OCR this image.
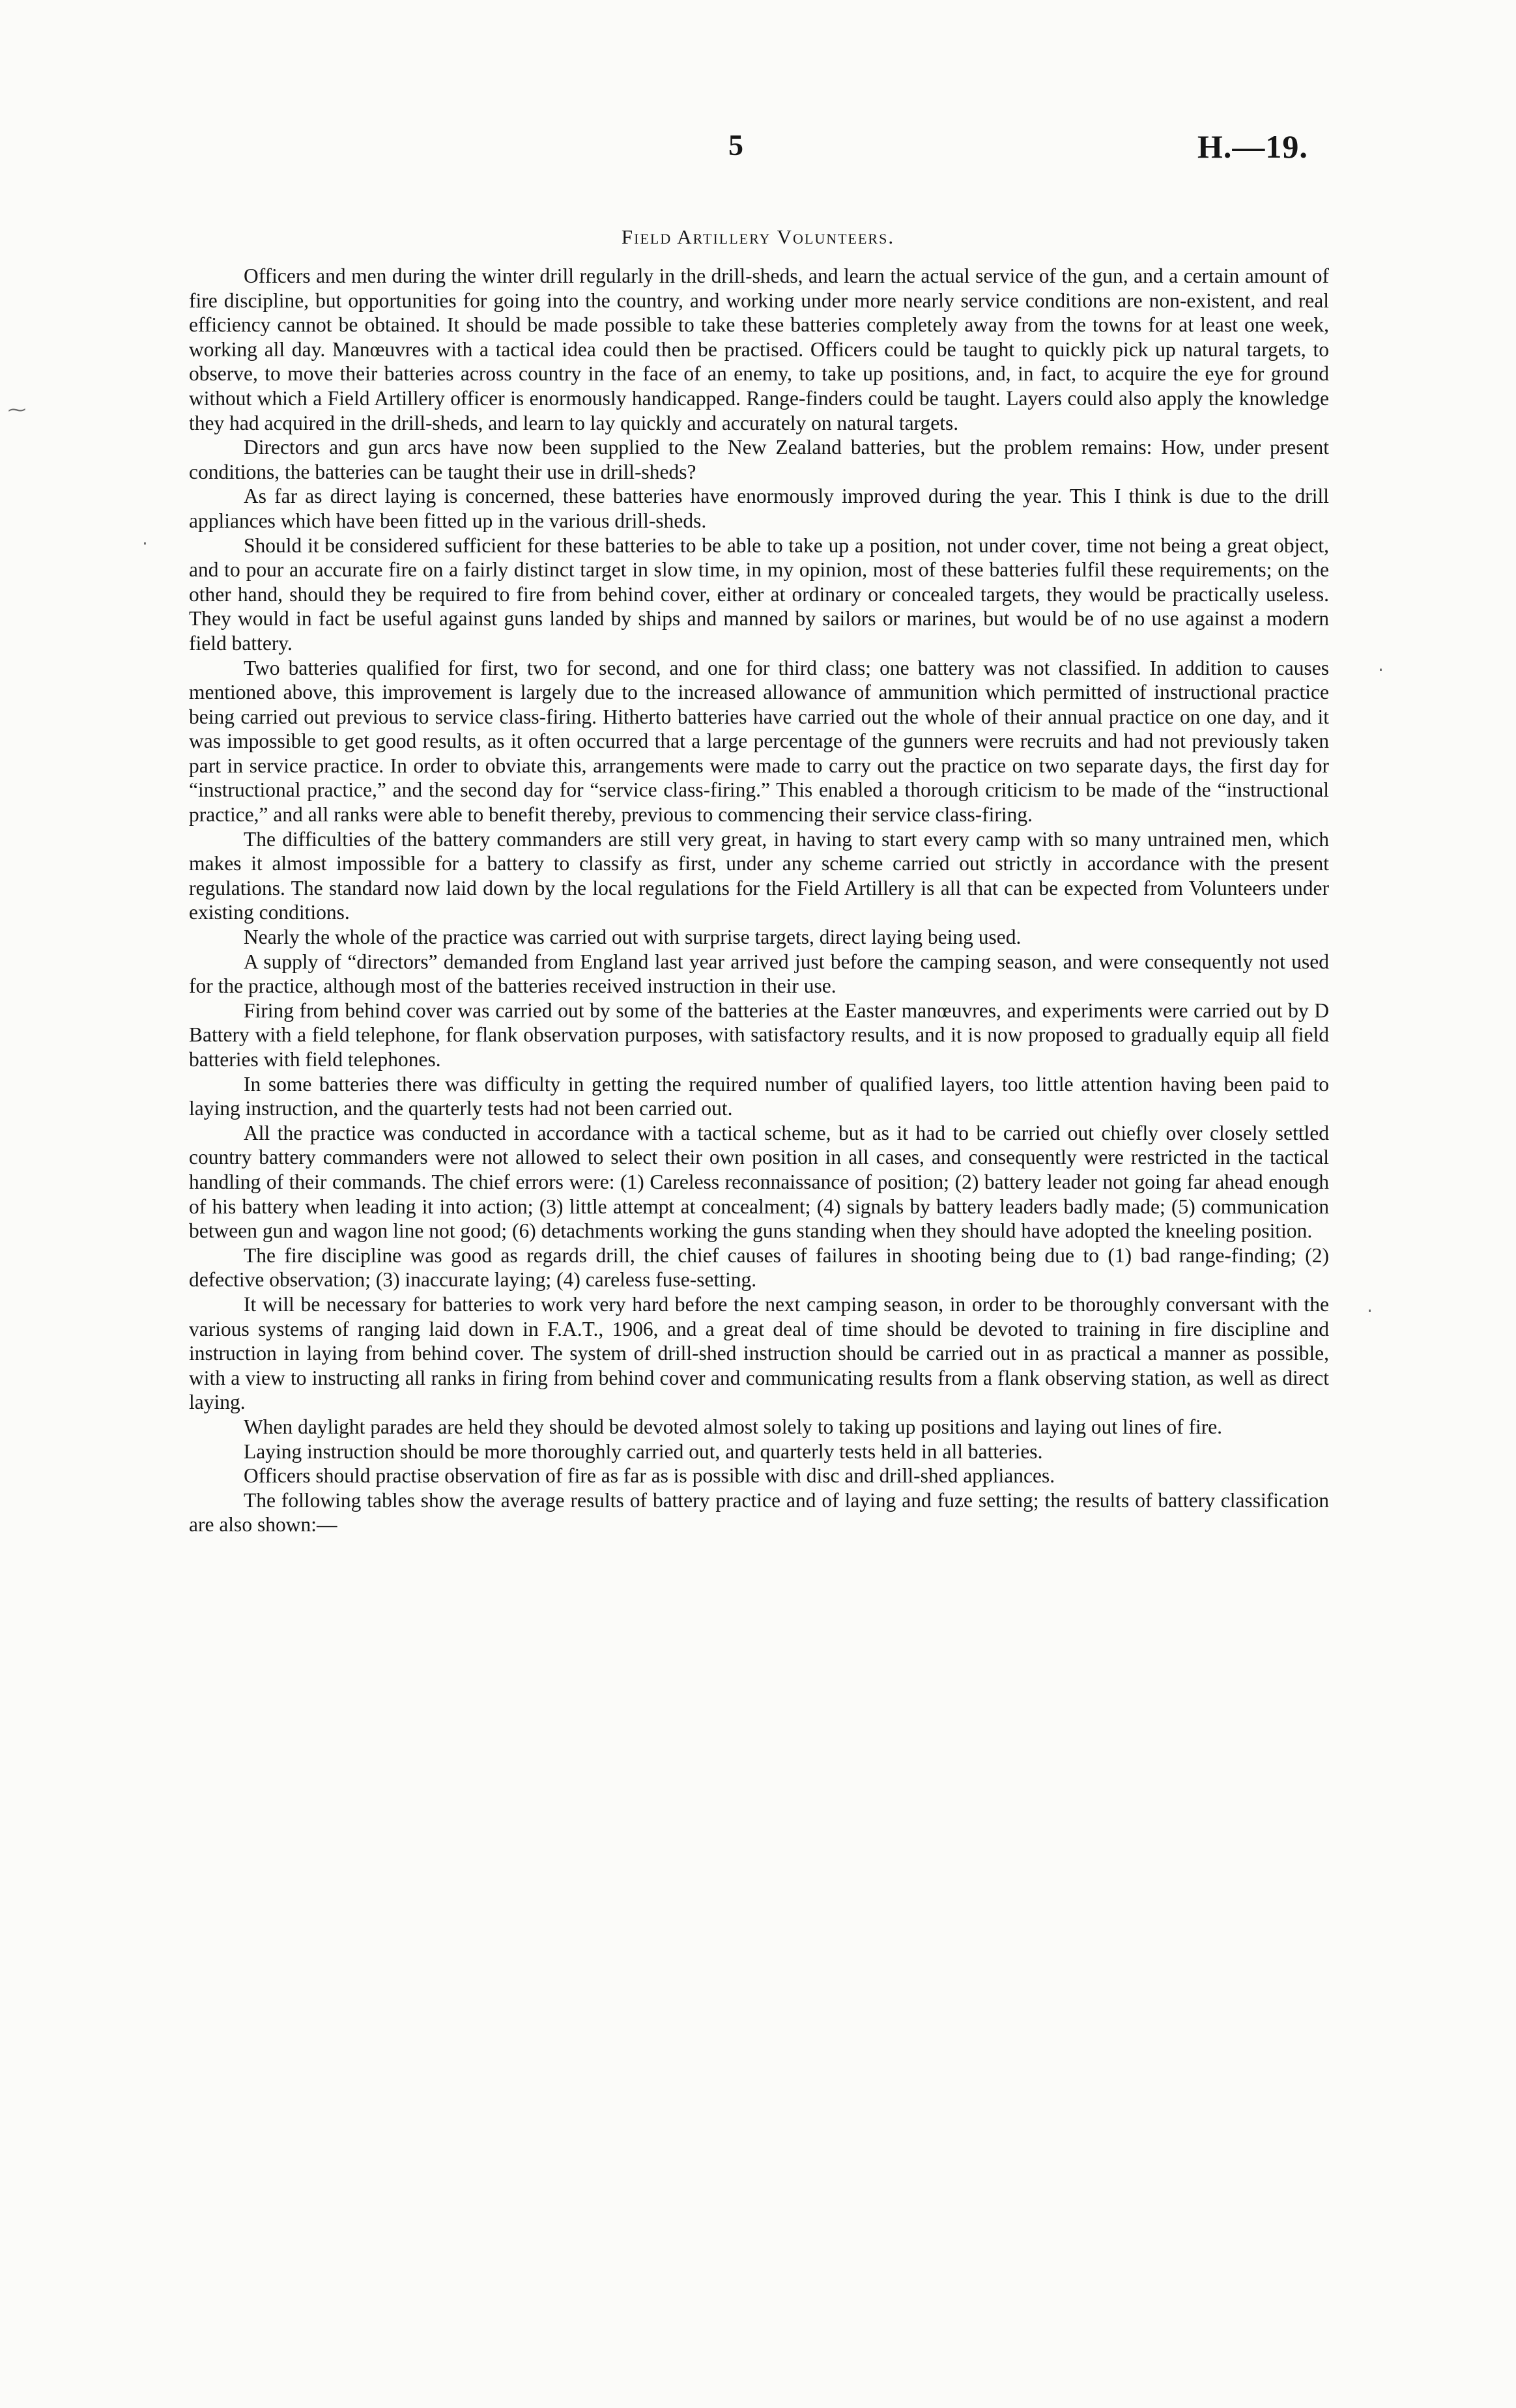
5	H.—19.
Field Artillery Volunteers.

Officers and men during the winter drill regularly in the drill-sheds, and learn the actual service of the gun, and a certain amount of fire discipline, but opportunities for going into the country, and working under more nearly service conditions are non-existent, and real efficiency cannot be obtained. It should be made possible to take these batteries completely away from the towns for at least one week, working all day. Manœuvres with a tactical idea could then be practised. Officers could be taught to quickly pick up natural targets, to observe, to move their batteries across country in the face of an enemy, to take up positions, and, in fact, to acquire the eye for ground without which a Field Artillery officer is enormously handicapped. Range-finders could be taught. Layers could also apply the knowledge they had acquired in the drill-sheds, and learn to lay quickly and accurately on natural targets.

Directors and gun arcs have now been supplied to the New Zealand batteries, but the problem remains: How, under present conditions, the batteries can be taught their use in drill-sheds?

As far as direct laying is concerned, these batteries have enormously improved during the year. This I think is due to the drill appliances which have been fitted up in the various drill-sheds.

Should it be considered sufficient for these batteries to be able to take up a position, not under cover, time not being a great object, and to pour an accurate fire on a fairly distinct target in slow time, in my opinion, most of these batteries fulfil these requirements; on the other hand, should they be required to fire from behind cover, either at ordinary or concealed targets, they would be practically useless. They would in fact be useful against guns landed by ships and manned by sailors or marines, but would be of no use against a modern field battery.

Two batteries qualified for first, two for second, and one for third class; one battery was not classified. In addition to causes mentioned above, this improvement is largely due to the increased allowance of ammunition which permitted of instructional practice being carried out previous to service class-firing. Hitherto batteries have carried out the whole of their annual practice on one day, and it was impossible to get good results, as it often occurred that a large percentage of the gunners were recruits and had not previously taken part in service practice. In order to obviate this, arrangements were made to carry out the practice on two separate days, the first day for “instructional practice,” and the second day for “service class-firing.” This enabled a thorough criticism to be made of the “instructional practice,” and all ranks were able to benefit thereby, previous to commencing their service class-firing.

The difficulties of the battery commanders are still very great, in having to start every camp with so many untrained men, which makes it almost impossible for a battery to classify as first, under any scheme carried out strictly in accordance with the present regulations. The standard now laid down by the local regulations for the Field Artillery is all that can be expected from Volunteers under existing conditions.

Nearly the whole of the practice was carried out with surprise targets, direct laying being used.

A supply of “directors” demanded from England last year arrived just before the camping season, and were consequently not used for the practice, although most of the batteries received instruction in their use.

Firing from behind cover was carried out by some of the batteries at the Easter manœuvres, and experiments were carried out by D Battery with a field telephone, for flank observation purposes, with satisfactory results, and it is now proposed to gradually equip all field batteries with field telephones.

In some batteries there was difficulty in getting the required number of qualified layers, too little attention having been paid to laying instruction, and the quarterly tests had not been carried out.

All the practice was conducted in accordance with a tactical scheme, but as it had to be carried out chiefly over closely settled country battery commanders were not allowed to select their own position in all cases, and consequently were restricted in the tactical handling of their commands. The chief errors were: (1) Careless reconnaissance of position; (2) battery leader not going far ahead enough of his battery when leading it into action; (3) little attempt at concealment; (4) signals by battery leaders badly made; (5) communication between gun and wagon line not good; (6) detachments working the guns standing when they should have adopted the kneeling position.

The fire discipline was good as regards drill, the chief causes of failures in shooting being due to (1) bad range-finding; (2) defective observation; (3) inaccurate laying; (4) careless fuse-setting.

It will be necessary for batteries to work very hard before the next camping season, in order to be thoroughly conversant with the various systems of ranging laid down in F.A.T., 1906, and a great deal of time should be devoted to training in fire discipline and instruction in laying from behind cover. The system of drill-shed instruction should be carried out in as practical a manner as possible, with a view to instructing all ranks in firing from behind cover and communicating results from a flank observing station, as well as direct laying.

When daylight parades are held they should be devoted almost solely to taking up positions and laying out lines of fire.

Laying instruction should be more thoroughly carried out, and quarterly tests held in all batteries.

Officers should practise observation of fire as far as is possible with disc and drill-shed appliances.

The following tables show the average results of battery practice and of laying and fuze setting; the results of battery classification are also shown:—

⁓
·
·
·
